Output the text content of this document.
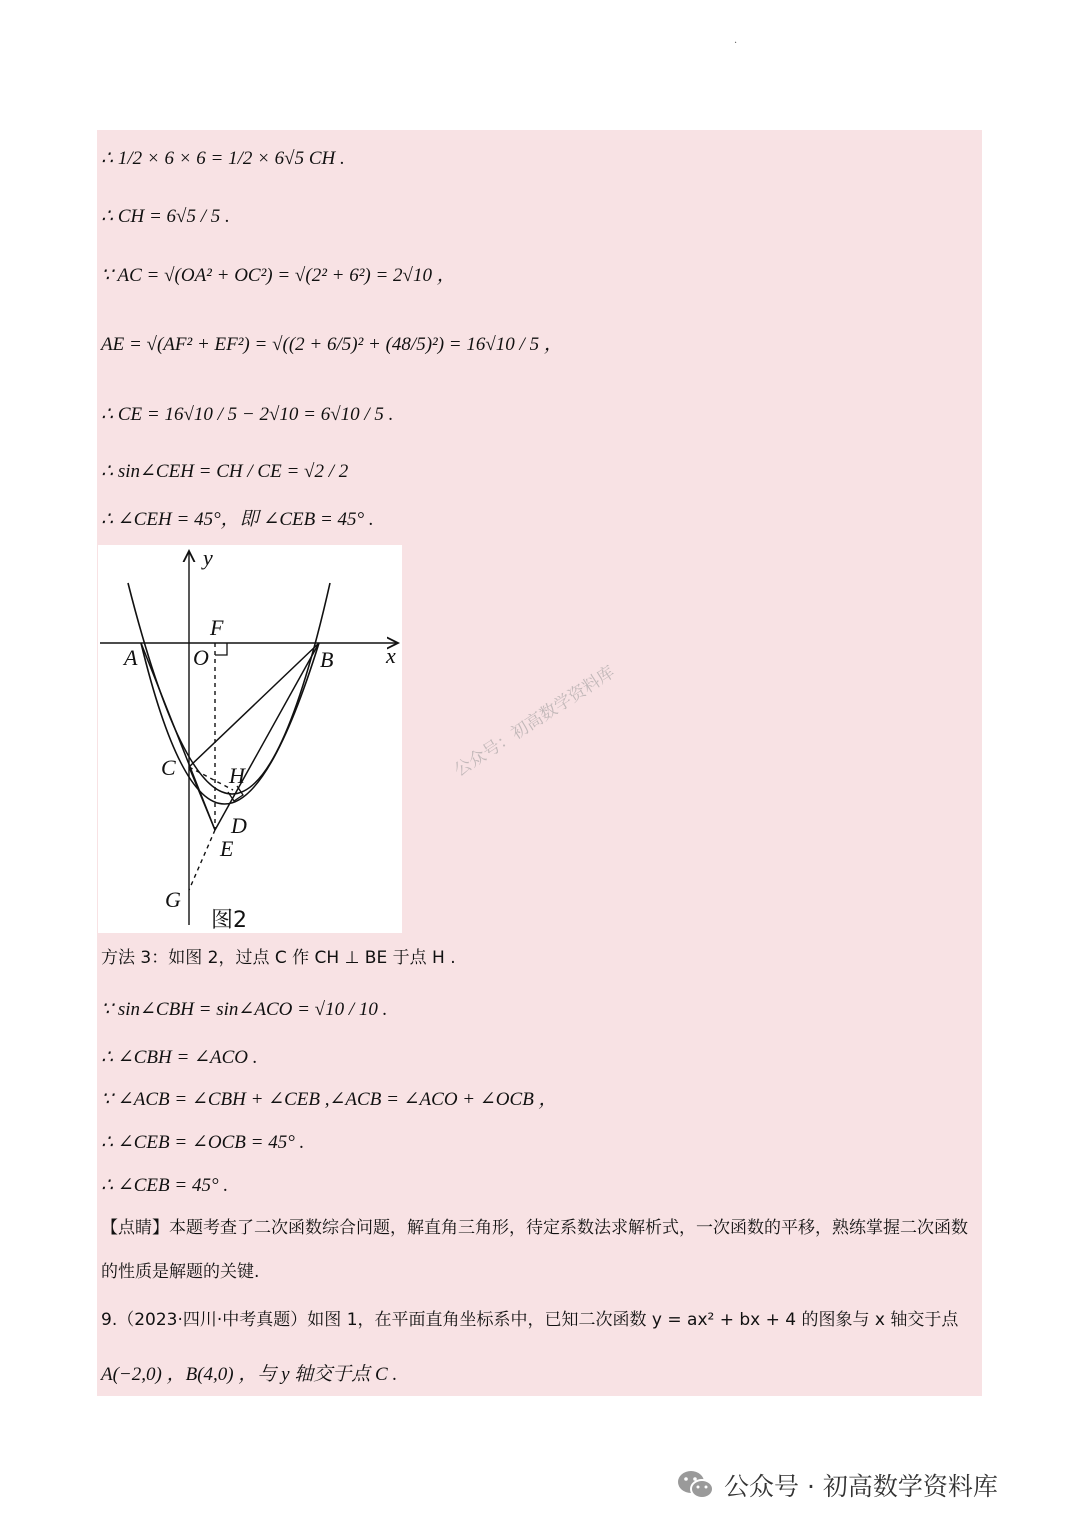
·
∴ 1/2 × 6 × 6 = 1/2 × 6√5 CH .
∴ CH = 6√5 / 5 .
∵ AC = √(OA² + OC²) = √(2² + 6²) = 2√10 ，
AE = √(AF² + EF²) = √((2 + 6/5)² + (48/5)²) = 16√10 / 5 ，
∴ CE = 16√10 / 5 − 2√10 = 6√10 / 5 .
∴ sin∠CEH = CH / CE = √2 / 2
∴ ∠CEH = 45°，即 ∠CEB = 45° .
y
x
F
O
A	B
C H
D
E
G
图2
公众号：初高数学资料库
方法 3：如图 2，过点 C 作 CH ⊥ BE 于点 H .
∵ sin∠CBH = sin∠ACO = √10 / 10 .
∴ ∠CBH = ∠ACO .
∵ ∠ACB = ∠CBH + ∠CEB ,∠ACB = ∠ACO + ∠OCB ，
∴ ∠CEB = ∠OCB = 45° .
∴ ∠CEB = 45° .
【点睛】本题考查了二次函数综合问题，解直角三角形，待定系数法求解析式，一次函数的平移，熟练掌握二次函数的性质是解题的关键.
9.（2023·四川·中考真题）如图 1，在平面直角坐标系中，已知二次函数 y = ax² + bx + 4 的图象与 x 轴交于点
A(−2,0) ，B(4,0) ，与 y 轴交于点 C .
公众号 · 初高数学资料库
